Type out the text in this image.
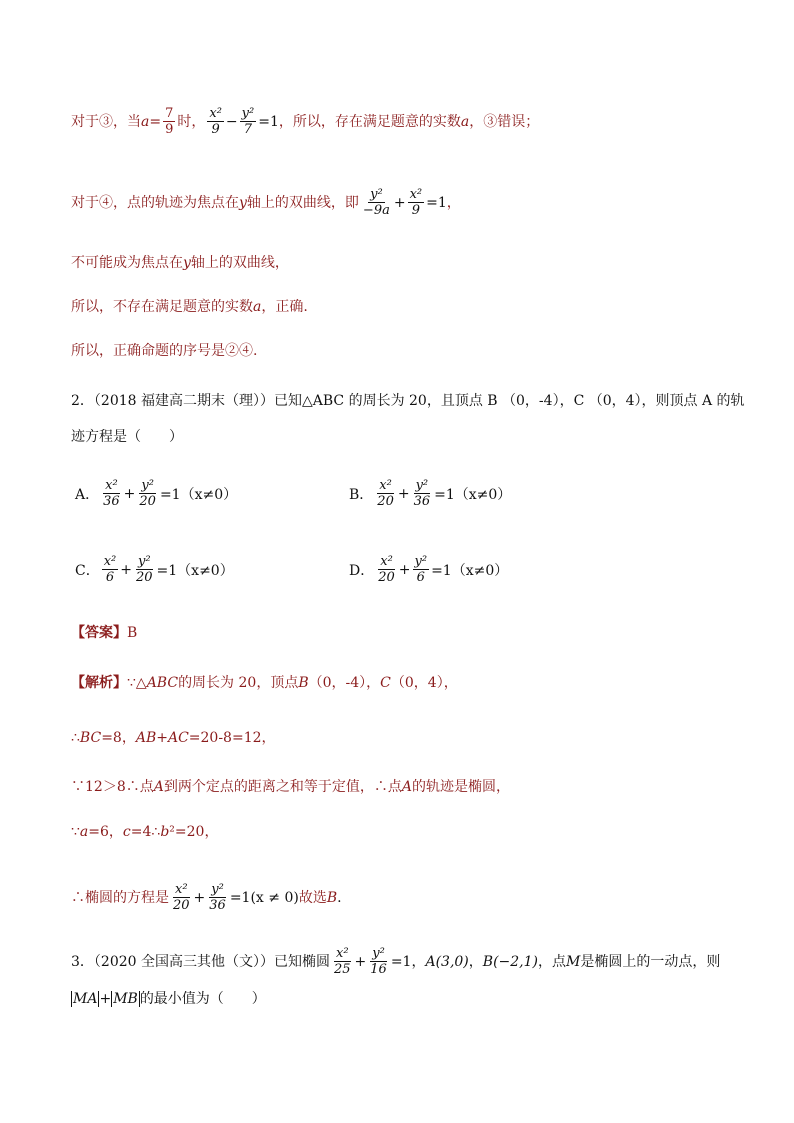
对于③，当 $a = \frac{7}{9}$ 时， $\frac{\text{x²}}{9} - \frac{\text{y²}}{7} =1$ ，所以，存在满足题意的实数 a ，③错误；
对于④，点的轨迹为焦点在 y 轴上的双曲线，即 $\frac{\text{y²}}{-9a} + \frac{\text{x²}}{9} =1$ ，
不可能成为焦点在 y 轴上的双曲线，
所以，不存在满足题意的实数 a ，正确.
所以，正确命题的序号是②④.
2．（2018 福建高二期末（理））已知△ABC 的周长为 20，且顶点 B （0，-4），C （0，4），则顶点 A 的轨
迹方程是（　　）
A． $\frac{\text{x²}}{36} + \frac{\text{y²}}{20} =1(x\ne 0)$	B． $\frac{\text{x²}}{20} + \frac{\text{y²}}{36} =1(x\ne 0)$
C． $\frac{\text{x²}}{6} + \frac{\text{y²}}{20} =1(x\ne 0)$	D． $\frac{\text{x²}}{20} + \frac{\text{y²}}{6} =1(x\ne 0)$
【答案】 B
【解析】 ∵△ ABC 的周长为 20，顶点 B （0，-4）， C （0，4），
∴ BC =8， AB+AC =20-8=12，
∵12＞8∴点 A 到两个定点的距离之和等于定值，∴点 A 的轨迹是椭圆，
∵ a =6， c =4∴ b ²=20，
∴椭圆的方程是 $\frac{\text{x²}}{20} + \frac{\text{y²}}{36} =1(x \ne 0)$ 故选 B .
3．（2020 全国高三其他（文））已知椭圆 $\frac{\text{x²}}{25} + \frac{\text{y²}}{16} =1$ ， A(3,0) ， B(−2,1) ，点 M 是椭圆上的一动点，则
MA + MB 的最小值为（　　）
